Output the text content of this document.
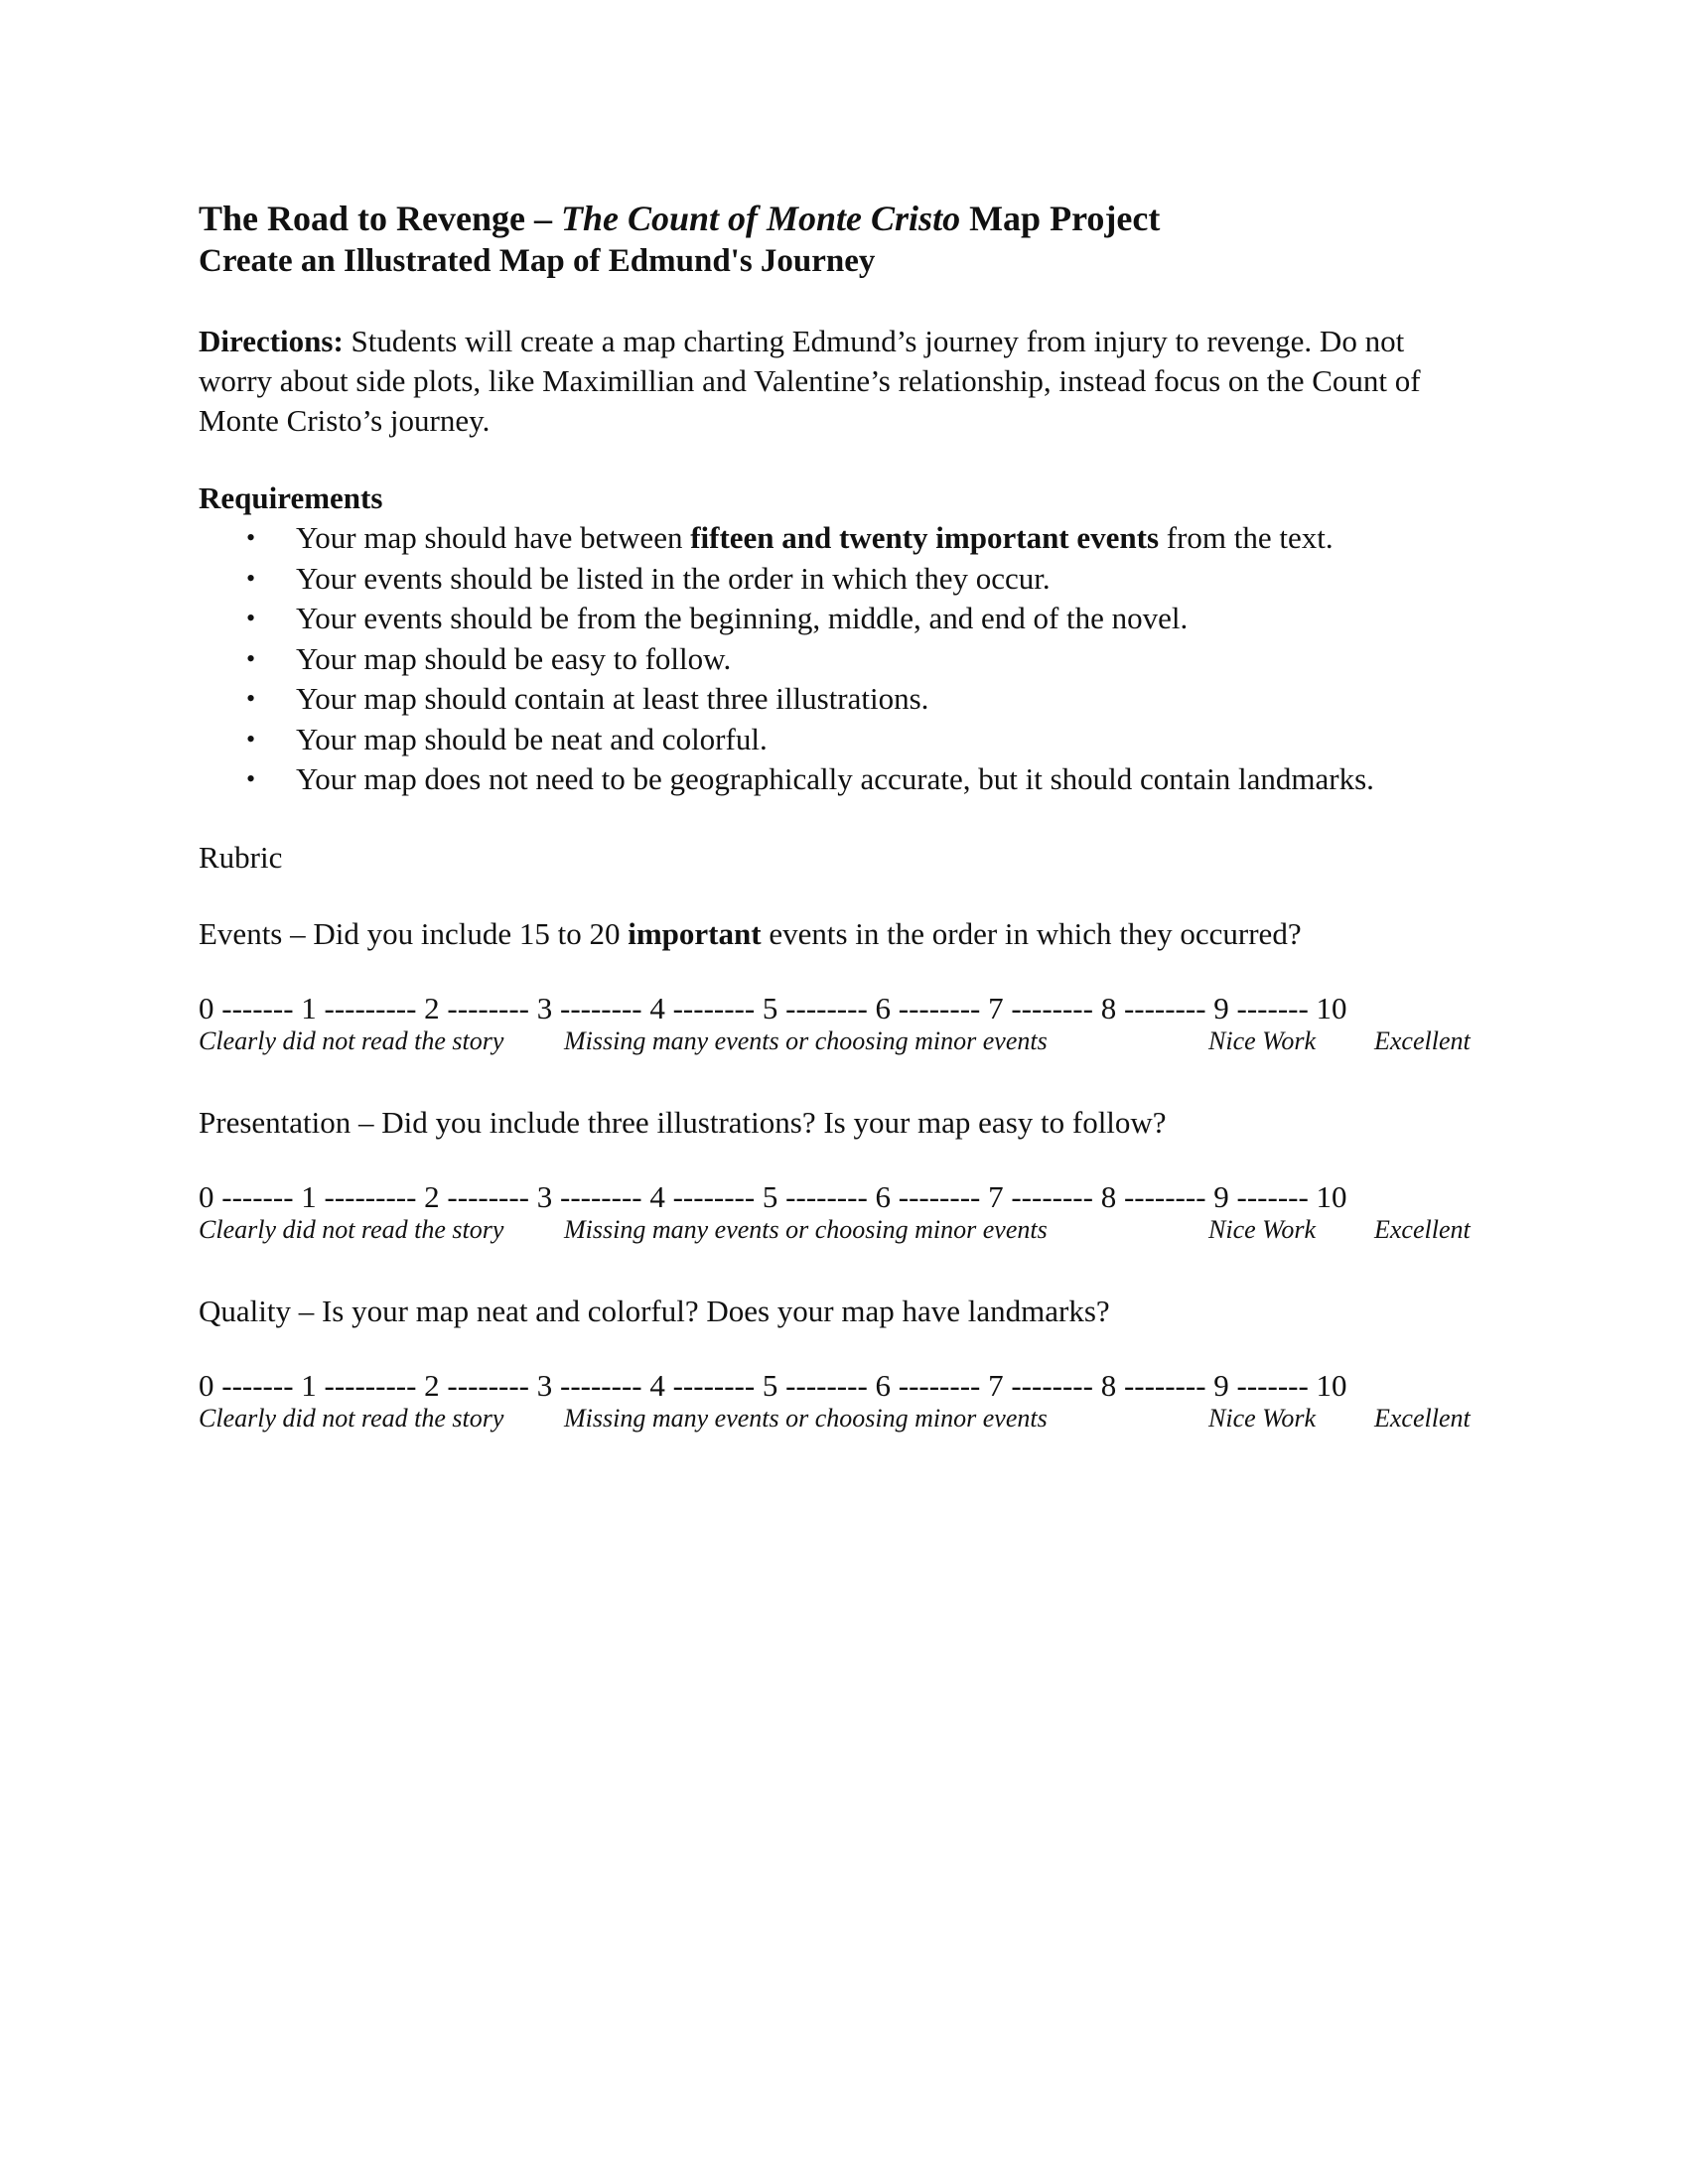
The Road to Revenge – The Count of Monte Cristo Map Project
Create an Illustrated Map of Edmund's Journey

Directions: Students will create a map charting Edmund’s journey from injury to revenge. Do not worry about side plots, like Maximillian and Valentine’s relationship, instead focus on the Count of Monte Cristo’s journey.

Requirements
• Your map should have between fifteen and twenty important events from the text.
• Your events should be listed in the order in which they occur.
• Your events should be from the beginning, middle, and end of the novel.
• Your map should be easy to follow.
• Your map should contain at least three illustrations.
• Your map should be neat and colorful.
• Your map does not need to be geographically accurate, but it should contain landmarks.
Rubric
Events – Did you include 15 to 20 important events in the order in which they occurred?
0 ------- 1 --------- 2 -------- 3 -------- 4 -------- 5 -------- 6 -------- 7 -------- 8 -------- 9 ------- 10
Clearly did not read the story Missing many events or choosing minor events	Nice Work Excellent
Presentation – Did you include three illustrations? Is your map easy to follow?
0 ------- 1 --------- 2 -------- 3 -------- 4 -------- 5 -------- 6 -------- 7 -------- 8 -------- 9 ------- 10
Clearly did not read the story Missing many events or choosing minor events	Nice Work Excellent
Quality – Is your map neat and colorful? Does your map have landmarks?
0 ------- 1 --------- 2 -------- 3 -------- 4 -------- 5 -------- 6 -------- 7 -------- 8 -------- 9 ------- 10
Clearly did not read the story Missing many events or choosing minor events	Nice Work Excellent
